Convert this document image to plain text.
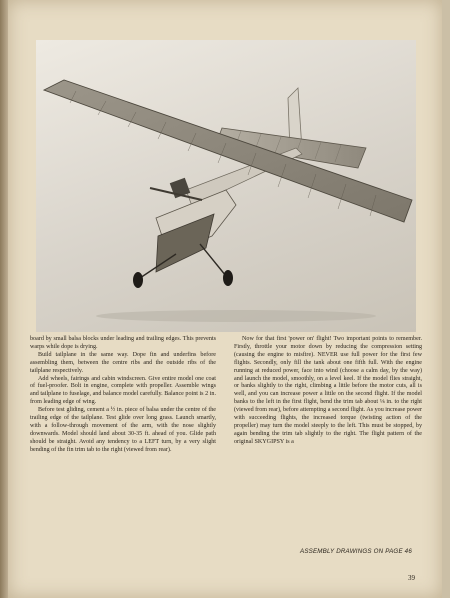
board by small balsa blocks under leading and trailing edges. This prevents warps while dope is drying.

Build tailplane in the same way. Dope fin and underfins before assembling them, between the centre ribs and the outside ribs of the tailplane respectively.

Add wheels, fairings and cabin windscreen. Give entire model one coat of fuel-proofer. Bolt in engine, complete with propeller. Assemble wings and tailplane to fuselage, and balance model carefully. Balance point is 2 in. from leading edge of wing.

Before test gliding, cement a ½ in. piece of balsa under the centre of the trailing edge of the tailplane. Test glide over long grass. Launch smartly, with a follow-through movement of the arm, with the nose slightly downwards. Model should land about 30-35 ft. ahead of you. Glide path should be straight. Avoid any tendency to a LEFT turn, by a very slight bending of the fin trim tab to the right (viewed from rear).

Now for that first 'power on' flight! Two important points to remember. Firstly, throttle your motor down by reducing the compression setting (causing the engine to misfire). NEVER use full power for the first few flights. Secondly, only fill the tank about one fifth full. With the engine running at reduced power, face into wind (choose a calm day, by the way) and launch the model, smoothly, on a level keel. If the model flies straight, or banks slightly to the right, climbing a little before the motor cuts, all is well, and you can increase power a little on the second flight. If the model banks to the left in the first flight, bend the trim tab about ⅛ in. to the right (viewed from rear), before attempting a second flight. As you increase power with succeeding flights, the increased torque (twisting action of the propeller) may turn the model steeply to the left. This must be stopped, by again bending the trim tab slightly to the right. The flight pattern of the original SKYGIPSY is a

ASSEMBLY DRAWINGS ON PAGE 46
39
